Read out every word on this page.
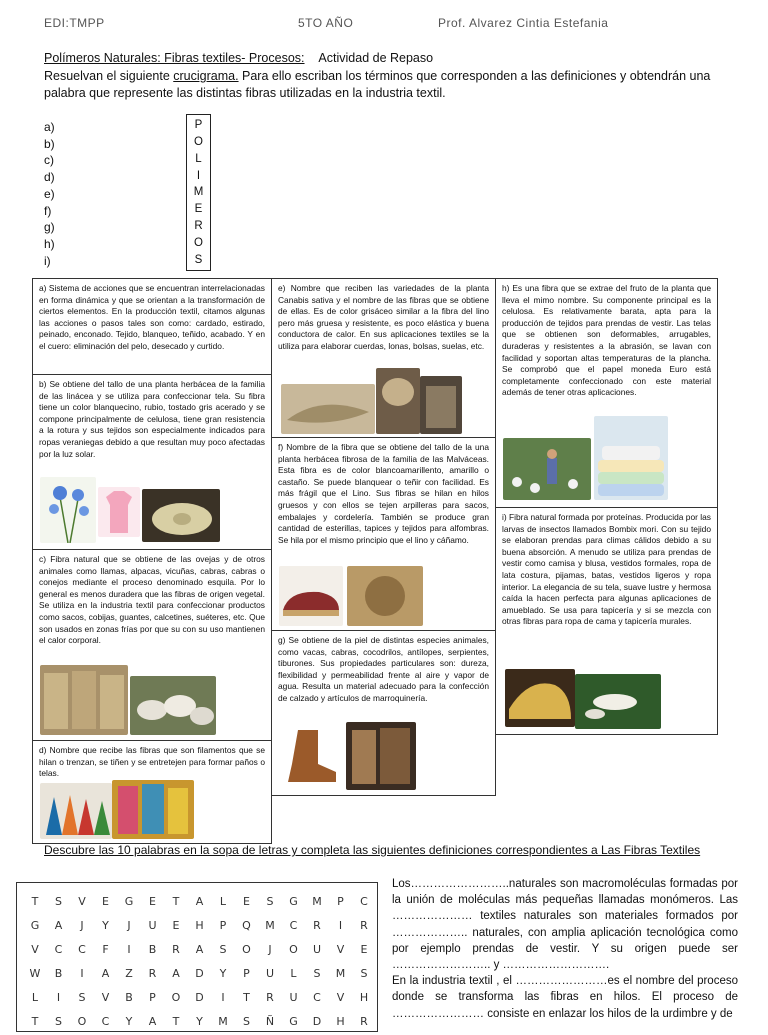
EDI:TMPP	5TO AÑO	Prof. Alvarez Cintia Estefania
Polímeros Naturales: Fibras textiles- Procesos: Actividad de Repaso
Resuelvan el siguiente crucigrama. Para ello escriban los términos que corresponden a las definiciones y obtendrán una palabra que represente las distintas fibras utilizadas en la industria textil.
a)
b)
c)
d)
e)
f)
g)
h)
i)
P
O
L
I
M
E
R
O
S

a) Sistema de acciones que se encuentran interrelacionadas en forma dinámica y que se orientan a la transformación de ciertos elementos. En la producción textil, citamos algunas las acciones o pasos tales son como: cardado, estirado, peinado, enconado. Tejido, blanqueo, teñido, acabado. Y en el cuero: eliminación del pelo, desecado y curtido.

b) Se obtiene del tallo de una planta herbácea de la familia de las linácea y se utiliza para confeccionar tela. Su fibra tiene un color blanquecino, rubio, tostado gris acerado y se compone principalmente de celulosa, tiene gran resistencia a la rotura y sus tejidos son especialmente indicados para ropas veraniegas debido a que resultan muy poco afectadas por la luz solar.

c) Fibra natural que se obtiene de las ovejas y de otros animales como llamas, alpacas, vicuñas, cabras, cabras o conejos mediante el proceso denominado esquila. Por lo general es menos duradera que las fibras de origen vegetal. Se utiliza en la industria textil para confeccionar productos como sacos, cobijas, guantes, calcetines, suéteres, etc. Que son usados en zonas frías por que su con su uso mantienen el calor corporal.

d) Nombre que recibe las fibras que son filamentos que se hilan o trenzan, se tiñen y se entretejen para formar paños o telas.

e) Nombre que reciben las variedades de la planta Canabis sativa y el nombre de las fibras que se obtiene de ellas. Es de color grisáceo similar a la fibra del lino pero más gruesa y resistente, es poco elástica y buena conductora de calor. En sus aplicaciones textiles se la utiliza para elaborar cuerdas, lonas, bolsas, suelas, etc.

f) Nombre de la fibra que se obtiene del tallo de la una planta herbácea fibrosa de la familia de las Malváceas. Esta fibra es de color blancoamarillento, amarillo o castaño. Se puede blanquear o teñir con facilidad. Es más frágil que el Lino. Sus fibras se hilan en hilos gruesos y con ellos se tejen arpilleras para sacos, embalajes y cordelería. También se produce gran cantidad de esterillas, tapices y tejidos para alfombras. Se hila por el mismo principio que el lino y cáñamo.

g) Se obtiene de la piel de distintas especies animales, como vacas, cabras, cocodrilos, antílopes, serpientes, tiburones. Sus propiedades particulares son: dureza, flexibilidad y permeabilidad frente al aire y vapor de agua. Resulta un material adecuado para la confección de calzado y artículos de marroquinería.

h) Es una fibra que se extrae del fruto de la planta que lleva el mimo nombre. Su componente principal es la celulosa. Es relativamente barata, apta para la producción de tejidos para prendas de vestir. Las telas que se obtienen son deformables, arrugables, duraderas y resistentes a la abrasión, se lavan con facilidad y soportan altas temperaturas de la plancha. Se comprobó que el papel moneda Euro está completamente confeccionado con este material además de tener otras aplicaciones.

i) Fibra natural formada por proteínas. Producida por las larvas de insectos llamados Bombix mori. Con su tejido se elaboran prendas para climas cálidos debido a su buena absorción. A menudo se utiliza para prendas de vestir como camisa y blusa, vestidos formales, ropa de lata costura, pijamas, batas, vestidos ligeros y ropa interior. La elegancia de su tela, suave lustre y hermosa caída la hacen perfecta para algunas aplicaciones de amueblado. Se usa para tapicería y si se mezcla con otras fibras para ropa de cama y tapicería murales.

Descubre las 10 palabras en la sopa de letras y completa las siguientes definiciones correspondientes a Las Fibras Textiles
T	S	V	E	G	E	T	A	L	E	S	G	M	P	C
G	A	J	Y	J	U	E	H	P	Q	M	C	R	I	R
V	C	C	F	I	B	R	A	S	O	J	O	U	V	E
W	B	I	A	Z	R	A	D	Y	P	U	L	S	M	S
L	I	S	V	B	P	O	D	I	T	R	U	C	V	H
T	S	O	C	Y	A	T	Y	M	S	Ñ	G	D	H	R

Los……………………..naturales son macromoléculas formadas por la unión de moléculas más pequeñas llamadas monómeros. Las ………………… textiles naturales son materiales formados por ……………….. naturales, con amplia aplicación tecnológica como por ejemplo prendas de vestir. Y su origen puede ser …………………….. y ……………………….

En la industria textil , el ……………………es el nombre del proceso donde se transforma las fibras en hilos. El proceso de …………………… consiste en enlazar los hilos de la urdimbre y de
